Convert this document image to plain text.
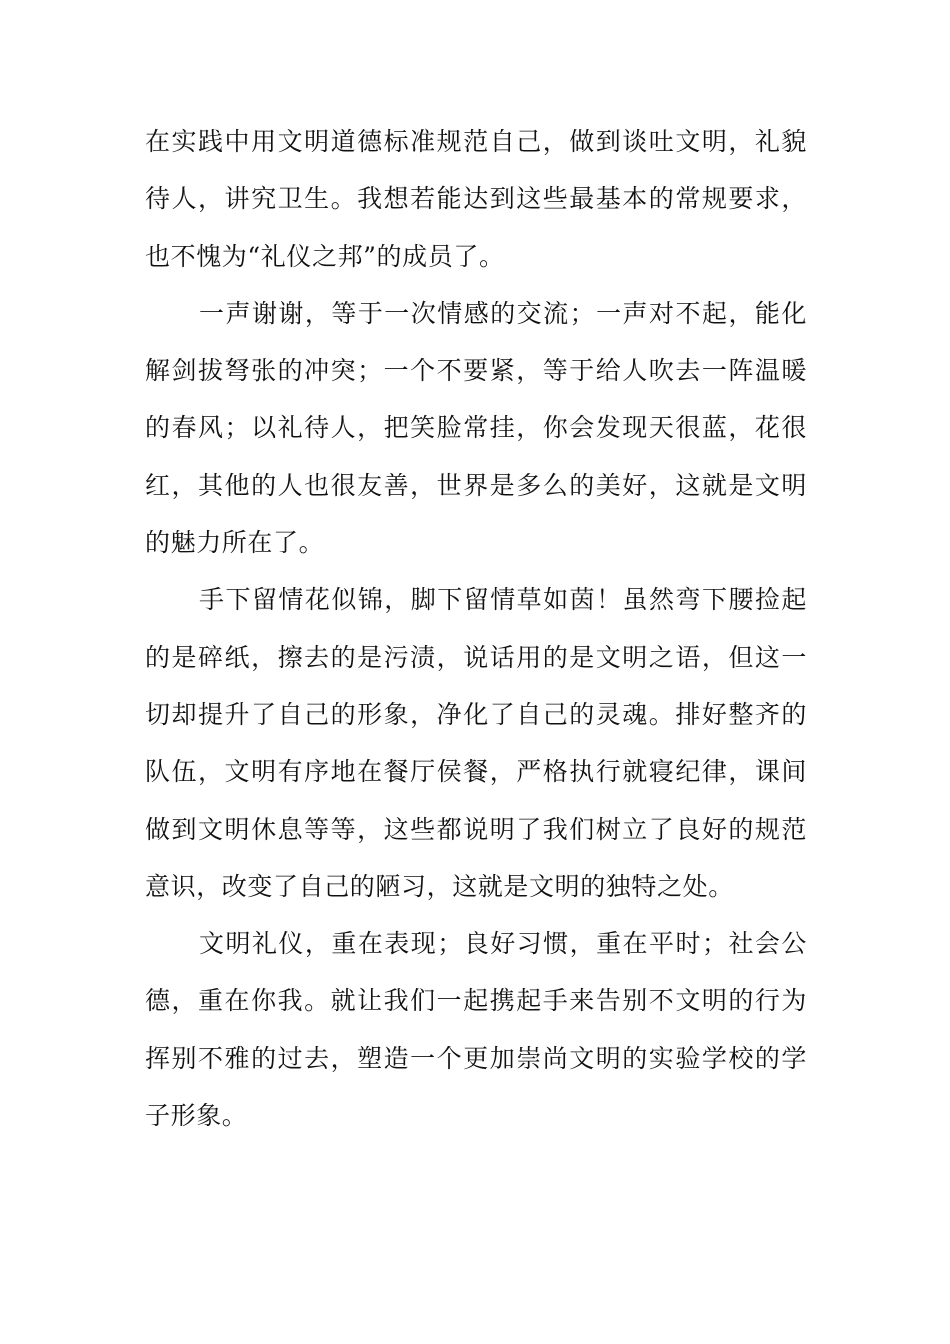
在实践中用文明道德标准规范自己，做到谈吐文明，礼貌
待人，讲究卫生。我想若能达到这些最基本的常规要求，
也不愧为“礼仪之邦”的成员了。
一声谢谢，等于一次情感的交流；一声对不起，能化
解剑拔弩张的冲突；一个不要紧，等于给人吹去一阵温暖
的春风；以礼待人，把笑脸常挂，你会发现天很蓝，花很
红，其他的人也很友善，世界是多么的美好，这就是文明
的魅力所在了。
手下留情花似锦，脚下留情草如茵！虽然弯下腰捡起
的是碎纸，擦去的是污渍，说话用的是文明之语，但这一
切却提升了自己的形象，净化了自己的灵魂。排好整齐的
队伍，文明有序地在餐厅侯餐，严格执行就寝纪律，课间
做到文明休息等等，这些都说明了我们树立了良好的规范
意识，改变了自己的陋习，这就是文明的独特之处。
文明礼仪，重在表现；良好习惯，重在平时；社会公
德，重在你我。就让我们一起携起手来告别不文明的行为
挥别不雅的过去，塑造一个更加崇尚文明的实验学校的学
子形象。
